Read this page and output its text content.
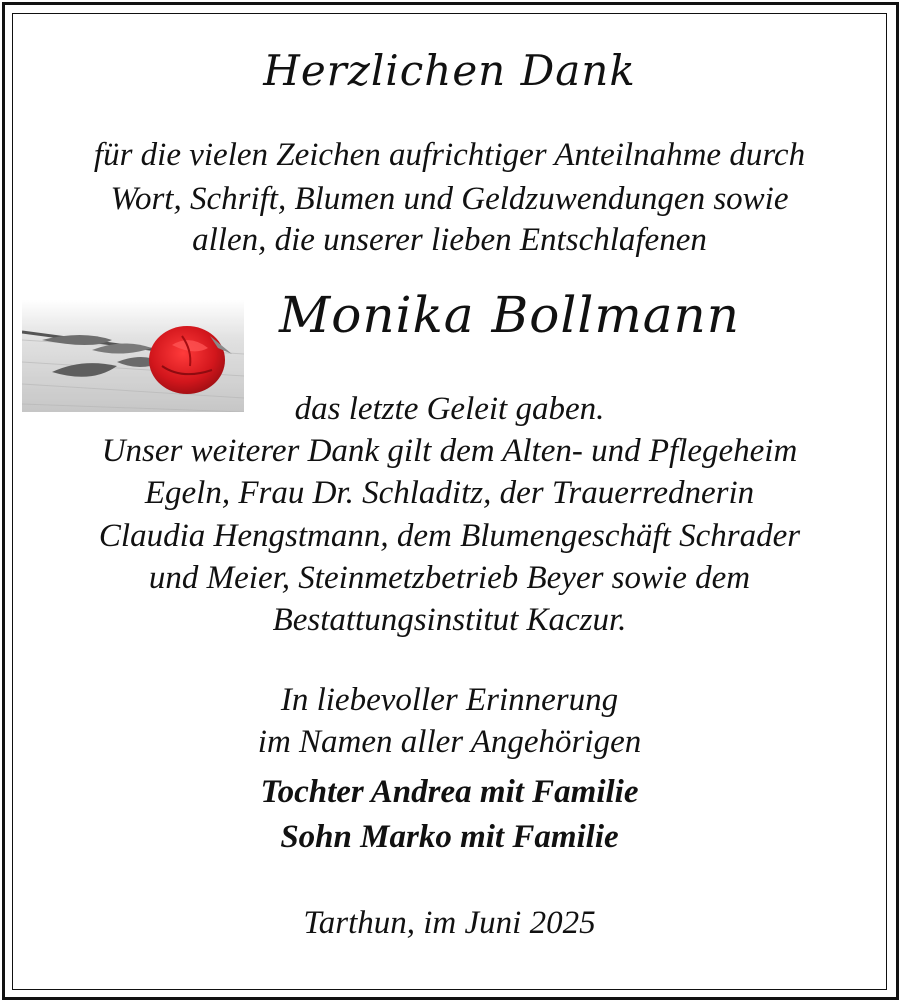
Herzlichen Dank
für die vielen Zeichen aufrichtiger Anteilnahme durch
Wort, Schrift, Blumen und Geldzuwendungen sowie
allen, die unserer lieben Entschlafenen
Monika Bollmann
das letzte Geleit gaben.
Unser weiterer Dank gilt dem Alten- und Pflegeheim
Egeln, Frau Dr. Schladitz, der Trauerrednerin
Claudia Hengstmann, dem Blumengeschäft Schrader
und Meier, Steinmetzbetrieb Beyer sowie dem
Bestattungsinstitut Kaczur.
In liebevoller Erinnerung
im Namen aller Angehörigen
Tochter Andrea mit Familie
Sohn Marko mit Familie
Tarthun, im Juni 2025
